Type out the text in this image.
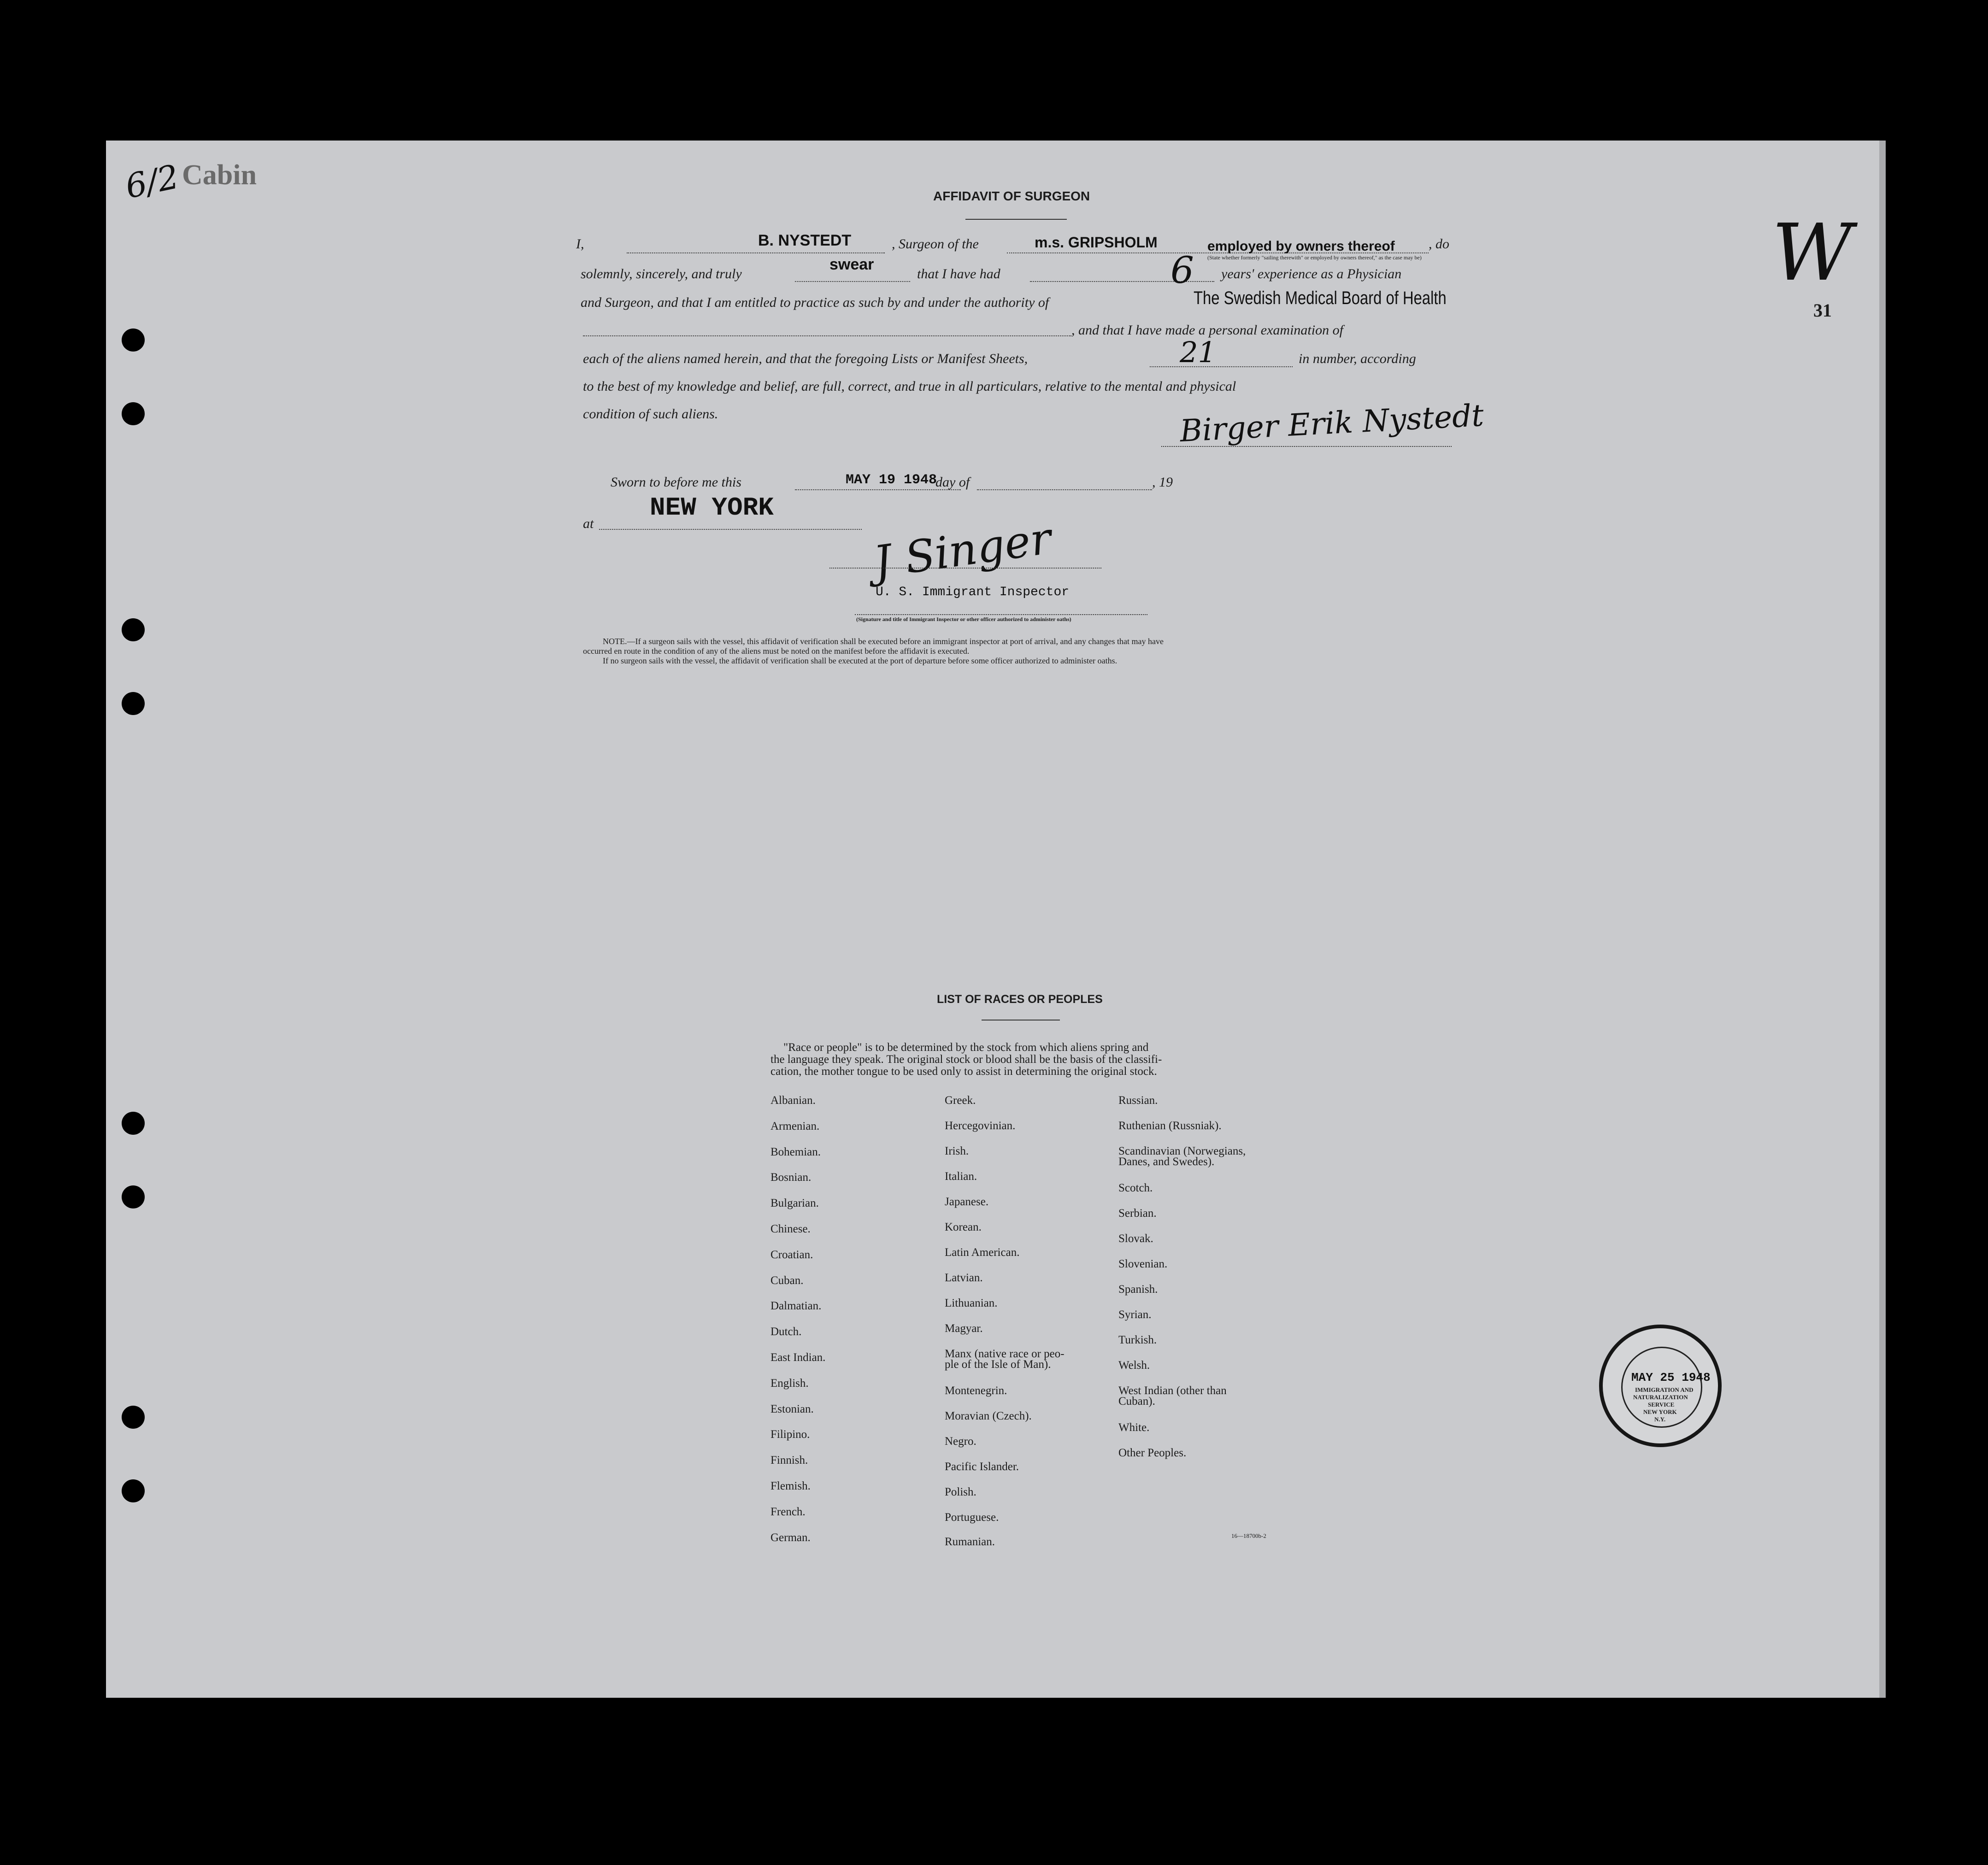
6/2 Cabin
W
31
AFFIDAVIT OF SURGEON
I,	B. NYSTEDT	, Surgeon of the	m.s. GRIPSHOLM	employed by owners thereof
(State whether formerly "sailing therewith" or employed by owners thereof," as the case may be)
, do
solemnly, sincerely, and truly
swear
that I have had	6 years' experience as a Physician
and Surgeon, and that I am entitled to practice as such by and under the authority of	The Swedish Medical Board of Health
, and that I have made a personal examination of
each of the aliens named herein, and that the foregoing Lists or Manifest Sheets,	21	in number, according
to the best of my knowledge and belief, are full, correct, and true in all particulars, relative to the mental and physical
condition of such aliens.	Birger Erik Nystedt
Sworn to before me this	MAY 19 1948
day of	, 19
at
NEW YORK
J Singer
U. S. Immigrant Inspector
(Signature and title of Immigrant Inspector or other officer authorized to administer oaths)
NOTE.—If a surgeon sails with the vessel, this affidavit of verification shall be executed before an immigrant inspector at port of arrival, and any changes that may have
occurred en route in the condition of any of the aliens must be noted on the manifest before the affidavit is executed.
If no surgeon sails with the vessel, the affidavit of verification shall be executed at the port of departure before some officer authorized to administer oaths.
LIST OF RACES OR PEOPLES
"Race or people" is to be determined by the stock from which aliens spring and
the language they speak. The original stock or blood shall be the basis of the classifi-
cation, the mother tongue to be used only to assist in determining the original stock.
Albanian.
Armenian.
Bohemian.
Bosnian.
Bulgarian.
Chinese.
Croatian.
Cuban.
Dalmatian.
Dutch.
East Indian.
English.
Estonian.
Filipino.
Finnish.
Flemish.
French.
German.
Greek.
Hercegovinian.
Irish.
Italian.
Japanese.
Korean.
Latin American.
Latvian.
Lithuanian.
Magyar.
Manx (native race or peo-
ple of the Isle of Man).
Montenegrin.
Moravian (Czech).
Negro.
Pacific Islander.
Polish.
Portuguese.
Rumanian.
Russian.
Ruthenian (Russniak).
Scandinavian (Norwegians,
Danes, and Swedes).
Scotch.
Serbian.
Slovak.
Slovenian.
Spanish.
Syrian.
Turkish.
Welsh.
West Indian (other than
Cuban).
White.
Other Peoples.
16—18700b-2
MAY 25 1948
IMMIGRATION AND
NATURALIZATION
SERVICE
NEW YORK
N.Y.
